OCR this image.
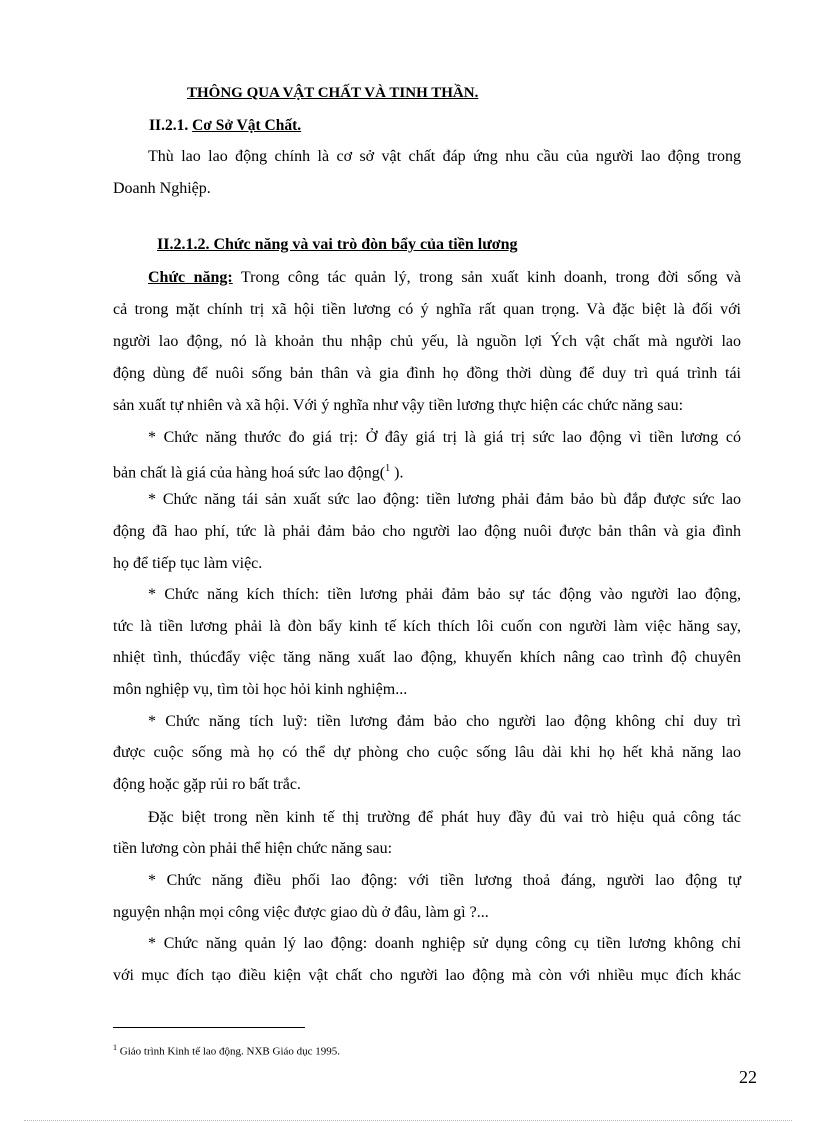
THÔNG QUA VẬT CHẤT VÀ TINH THẦN.
II.2.1. Cơ Sở Vật Chất.
Thù lao lao động chính là cơ sở vật chất đáp ứng nhu cầu của người lao động trong
Doanh Nghiệp.
II.2.1.2. Chức năng và vai trò đòn bẩy của tiền lương
Chức năng: Trong công tác quản lý, trong sản xuất kinh doanh, trong đời sống và
cả trong mặt chính trị xã hội tiền lương có ý nghĩa rất quan trọng. Và đặc biệt là đối với
người lao động, nó là khoản thu nhập chủ yếu, là nguồn lợi Ých vật chất mà người lao
động dùng để nuôi sống bản thân và gia đình họ đồng thời dùng để duy trì quá trình tái
sản xuất tự nhiên và xã hội. Với ý nghĩa như vậy tiền lương thực hiện các chức năng sau:
* Chức năng thước đo giá trị: Ở đây giá trị là giá trị sức lao động vì tiền lương có
bản chất là giá của hàng hoá sức lao động($^1$ ).
* Chức năng tái sản xuất sức lao động: tiền lương phải đảm bảo bù đắp được sức lao
động đã hao phí, tức là phải đảm bảo cho người lao động nuôi được bản thân và gia đình
họ để tiếp tục làm việc.
* Chức năng kích thích: tiền lương phải đảm bảo sự tác động vào người lao động,
tức là tiền lương phải là đòn bẩy kinh tế kích thích lôi cuốn con người làm việc hăng say,
nhiệt tình, thúcđẩy việc tăng năng xuất lao động, khuyến khích nâng cao trình độ chuyên
môn nghiệp vụ, tìm tòi học hỏi kinh nghiệm...
* Chức năng tích luỹ: tiền lương đảm bảo cho người lao động không chỉ duy trì
được cuộc sống mà họ có thể dự phòng cho cuộc sống lâu dài khi họ hết khả năng lao
động hoặc gặp rủi ro bất trắc.
Đặc biệt trong nền kinh tế thị trường để phát huy đầy đủ vai trò hiệu quả công tác
tiền lương còn phải thể hiện chức năng sau:
* Chức năng điều phối lao động: với tiền lương thoả đáng, người lao động tự
nguyện nhận mọi công việc được giao dù ở đâu, làm gì ?...
* Chức năng quản lý lao động: doanh nghiệp sử dụng công cụ tiền lương không chỉ
với mục đích tạo điều kiện vật chất cho người lao động mà còn với nhiều mục đích khác
$^1$ Giáo trình Kinh tế lao động. NXB Giáo dục 1995.
22
